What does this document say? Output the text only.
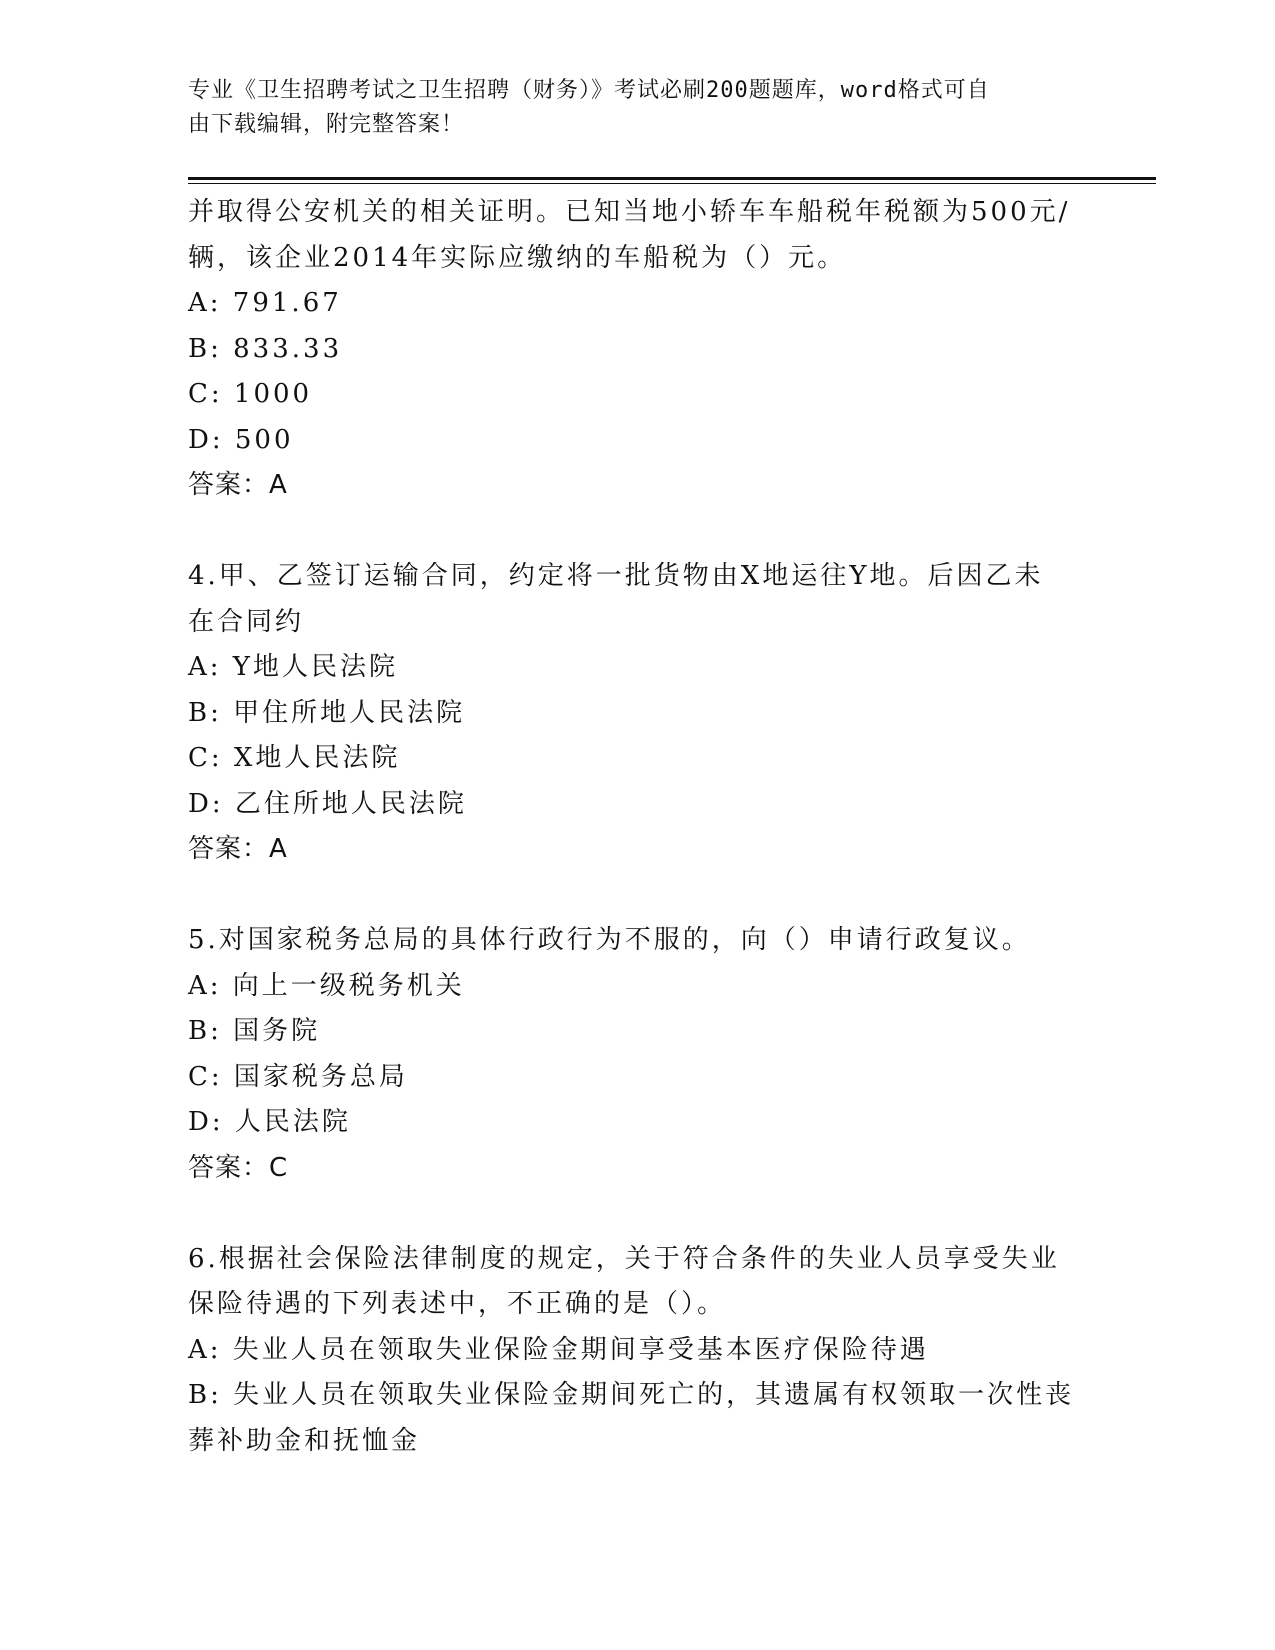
专业《卫生招聘考试之卫生招聘（财务）》考试必刷200题题库，word格式可自
由下载编辑，附完整答案！
并取得公安机关的相关证明。已知当地小轿车车船税年税额为500元/
辆，该企业2014年实际应缴纳的车船税为（）元。
A: 791.67
B: 833.33
C: 1000
D: 500
答案：A
4.甲、乙签订运输合同，约定将一批货物由X地运往Y地。后因乙未
在合同约
A: Y地人民法院
B: 甲住所地人民法院
C: X地人民法院
D: 乙住所地人民法院
答案：A
5.对国家税务总局的具体行政行为不服的，向（）申请行政复议。
A: 向上一级税务机关
B: 国务院
C: 国家税务总局
D: 人民法院
答案：C
6.根据社会保险法律制度的规定，关于符合条件的失业人员享受失业
保险待遇的下列表述中，不正确的是（）。
A: 失业人员在领取失业保险金期间享受基本医疗保险待遇
B: 失业人员在领取失业保险金期间死亡的，其遗属有权领取一次性丧
葬补助金和抚恤金
